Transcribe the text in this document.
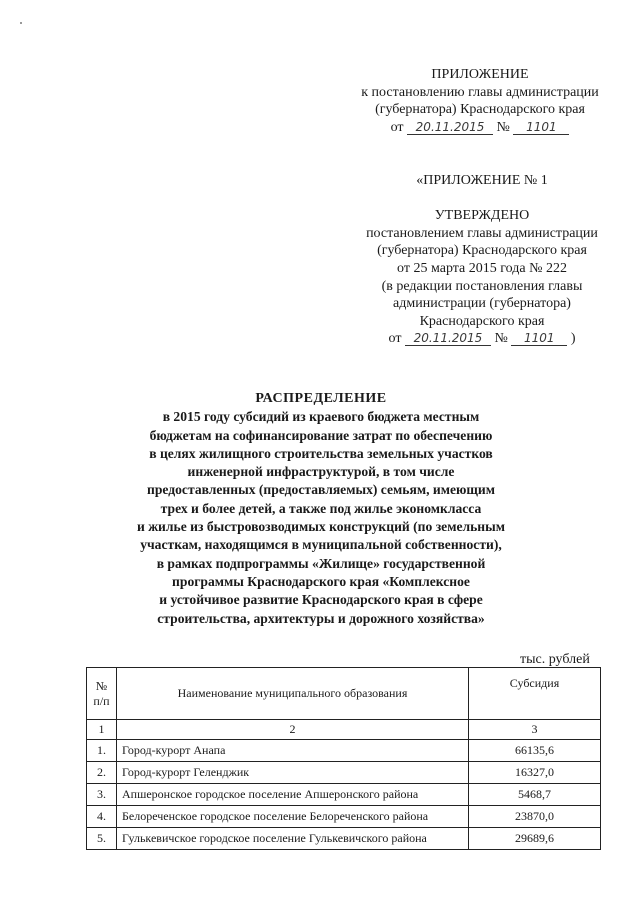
ПРИЛОЖЕНИЕ
к постановлению главы администрации
(губернатора) Краснодарского края
от 20.11.2015 № 1101
«ПРИЛОЖЕНИЕ № 1
УТВЕРЖДЕНО
постановлением главы администрации
(губернатора) Краснодарского края
от 25 марта 2015 года № 222
(в редакции постановления главы
администрации (губернатора)
Краснодарского края
от 20.11.2015 № 1101 )
РАСПРЕДЕЛЕНИЕ
в 2015 году субсидий из краевого бюджета местным
бюджетам на софинансирование затрат по обеспечению
в целях жилищного строительства земельных участков
инженерной инфраструктурой, в том числе
предоставленных (предоставляемых) семьям, имеющим
трех и более детей, а также под жилье экономкласса
и жилье из быстровозводимых конструкций (по земельным
участкам, находящимся в муниципальной собственности),
в рамках подпрограммы «Жилище» государственной
программы Краснодарского края «Комплексное
и устойчивое развитие Краснодарского края в сфере
строительства, архитектуры и дорожного хозяйства»
тыс. рублей
№
п/п	Наименование муниципального образования	Субсидия
1	2	3
1.	Город-курорт Анапа	66135,6
2.	Город-курорт Геленджик	16327,0
3.	Апшеронское городское поселение Апшеронского района	5468,7
4.	Белореченское городское поселение Белореченского района	23870,0
5.	Гулькевичское городское поселение Гулькевичского района	29689,6
